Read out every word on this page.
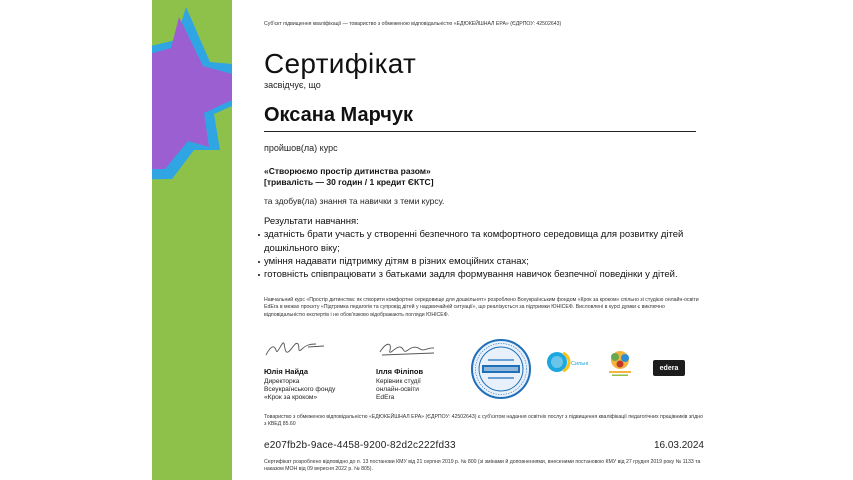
Суб'єкт підвищення кваліфікації — товариство з обмеженою відповідальністю «ЕДЮКЕЙШНАЛ ЕРА» (ЄДРПОУ: 42502643)
Сертифікат
засвідчує, що
Оксана Марчук
пройшов(ла) курс
«Створюємо простір дитинства разом»
[тривалість — 30 годин / 1 кредит ЄКТС]
та здобув(ла) знання та навички з теми курсу.
Результати навчання:
здатність брати участь у створенні безпечного та комфортного середовища для розвитку дітей дошкільного віку;
уміння надавати підтримку дітям в різних емоційних станах;
готовність співпрацювати з батьками задля формування навичок безпечної поведінки у дітей.
Навчальний курс «Простір дитинства: як створити комфортне середовище для дошкільнят» розроблено Всеукраїнським фондом «Крок за кроком» спільно зі студією онлайн-освіти EdEra в межах проєкту «Підтримка педагогів та супровід дітей у надзвичайній ситуації», що реалізується за підтримки ЮНІСЕФ. Висловлені в курсі думки є виключно відповідальністю експертів і не обов'язково відображають погляди ЮНІСЕФ.
Юлія Найда
Директорка
Всеукраїнського фонду
«Крок за кроком»
Ілля Філіпов
Керівник студії
онлайн-освіти
EdEra
Сильні
edera
Товариство з обмеженою відповідальністю «ЕДЮКЕЙШНАЛ ЕРА» (ЄДРПОУ: 42502643) є суб'єктом надання освітніх послуг з підвищення кваліфікації педагогічних працівників згідно з КВЕД 85.60
e207fb2b-9ace-4458-9200-82d2c222fd33	16.03.2024
Сертифікат розроблено відповідно до п. 13 постанови КМУ від 21 серпня 2019 р. № 800 (зі змінами й доповненнями, внесеними постановою КМУ від 27 грудня 2019 року № 1133 та наказом МОН від 09 вересня 2022 р. № 805).
